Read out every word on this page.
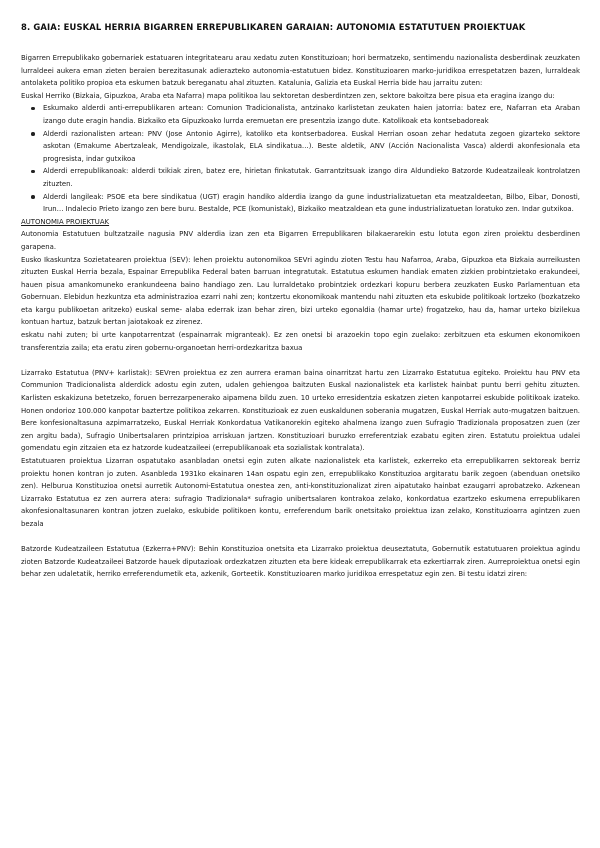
8. GAIA: EUSKAL HERRIA BIGARREN ERREPUBLIKAREN GARAIAN: AUTONOMIA ESTATUTUEN PROIEKTUAK

Bigarren Errepublikako gobernariek estatuaren integritatearu arau xedatu zuten Konstituzioan; hori bermatzeko, sentimendu nazionalista desberdinak zeuzkaten lurraldeei aukera eman zieten beraien berezitasunak adierazteko autonomia-estatutuen bidez. Konstituzioaren marko-juridikoa errespetatzen bazen, lurraldeak antolaketa politiko propioa eta eskumen batzuk bereganatu ahal zituzten. Katalunia, Galizia eta Euskal Herria bide hau jarraitu zuten:

Euskal Herriko (Bizkaia, Gipuzkoa, Araba eta Nafarra) mapa politikoa lau sektoretan desberdintzen zen, sektore bakoitza bere pisua eta eragina izango du:

Eskumako alderdi anti-errepublikaren artean: Comunion Tradicionalista, antzinako karlistetan zeukaten haien jatorria: batez ere, Nafarran eta Araban izango dute eragin handia. Bizkaiko eta Gipuzkoako lurrda eremuetan ere presentzia izango dute. Katolikoak eta kontsebadoreak
Alderdi razionalisten artean: PNV (Jose Antonio Agirre), katoliko eta kontserbadorea. Euskal Herrian osoan zehar hedatuta zegoen gizarteko sektore askotan (Emakume Abertzaleak, Mendigoizale, ikastolak, ELA sindikatua…). Beste aldetik, ANV (Acción Nacionalista Vasca) alderdi akonfesionala eta progresista, indar gutxikoa
Alderdi errepublikanoak: alderdi txikiak ziren, batez ere, hirietan finkatutak. Garrantzitsuak izango dira Aldundieko Batzorde Kudeatzaileak kontrolatzen zituzten.
Alderdi langileak: PSOE eta bere sindikatua (UGT) eragin handiko alderdia izango da gune industrializatuetan eta meatzaldeetan, Bilbo, Eibar, Donosti, Irun… Indalecio Prieto izango zen bere buru. Bestalde, PCE (komunistak), Bizkaiko meatzaldean eta gune industrializatuetan loratuko zen. Indar gutxikoa.
AUTONOMIA PROIEKTUAK

Autonomia Estatutuen bultzatzaile nagusia PNV alderdia izan zen eta Bigarren Errepublikaren bilakaerarekin estu lotuta egon ziren proiektu desberdinen garapena.

Eusko Ikaskuntza Sozietatearen proiektua (SEV): lehen proiektu autonomikoa SEVri agindu zioten Testu hau Nafarroa, Araba, Gipuzkoa eta Bizkaia aurreikusten zituzten Euskal Herria bezala, Espainar Errepublika Federal baten barruan integratutak. Estatutua eskumen handiak ematen zizkien probintzietako erakundeei, hauen pisua amankomuneko erankundeena baino handiago zen. Lau lurraldetako probintziek ordezkari kopuru berbera zeuzkaten Eusko Parlamentuan eta Gobernuan. Elebidun hezkuntza eta administrazioa ezarri nahi zen; kontzertu ekonomikoak mantendu nahi zituzten eta eskubide politikoak lortzeko (bozkatzeko eta kargu publikoetan aritzeko) euskal seme- alaba ederrak izan behar ziren, bizi urteko egonaldia (hamar urte) frogatzeko, hau da, hamar urteko bizilekua kontuan hartuz, batzuk bertan jaiotakoak ez zirenez.

eskatu nahi zuten; bi urte kanpotarrentzat (espainarrak migranteak). Ez zen onetsi bi arazoekin topo egin zuelako: zerbitzuen eta eskumen ekonomikoen transferentzia zaila; eta eratu ziren gobernu-organoetan herri-ordezkaritza baxua

Lizarrako Estatutua (PNV+ karlistak): SEVren proiektua ez zen aurrera eraman baina oinarritzat hartu zen Lizarrako Estatutua egiteko. Proiektu hau PNV eta Communion Tradicionalista alderdick adostu egin zuten, udalen gehiengoa baitzuten Euskal nazionalistek eta karlistek hainbat puntu berri gehitu zituzten. Karlisten eskakizuna betetzeko, foruen berrezarpenerako aipamena bildu zuen. 10 urteko erresidentzia eskatzen zieten kanpotarrei eskubide politikoak izateko. Honen ondorioz 100.000 kanpotar baztertze politikoa zekarren. Konstituzioak ez zuen euskaldunen soberania mugatzen, Euskal Herriak auto-mugatzen baitzuen. Bere konfesionaltasuna azpimarratzeko, Euskal Herriak Konkordatua Vatikanorekin egiteko ahalmena izango zuen Sufragio Tradizionala proposatzen zuen (zer zen argitu bada), Sufragio Unibertsalaren printzipioa arriskuan jartzen. Konstituzioari buruzko erreferentziak ezabatu egiten ziren. Estatutu proiektua udalei gomendatu egin zitzaien eta ez hatzorde kudeatzaileei (errepublikanoak eta sozialistak kontralata).

Estatutuaren proiektua Lizarran ospatutako asanbladan onetsi egin zuten alkate nazionalistek eta karlistek, ezkerreko eta errepublikarren sektoreak berriz proiektu honen kontran jo zuten. Asanbleda 1931ko ekainaren 14an ospatu egin zen, errepublikako Konstituzioa argitaratu barik zegoen (abenduan onetsiko zen). Helburua Konstituzioa onetsi aurretik Autonomi-Estatutua onestea zen, anti-konstituzionalizat ziren aipatutako hainbat ezaugarri aprobatzeko. Azkenean Lizarrako Estatutua ez zen aurrera atera: sufragio Tradizionala* sufragio unibertsalaren kontrakoa zelako, konkordatua ezartzeko eskumena errepublikaren akonfesionaltasunaren kontran jotzen zuelako, eskubide politikoen kontu, erreferendum barik onetsitako proiektua izan zelako, Konstituzioarra agintzen zuen bezala

Batzorde Kudeatzaileen Estatutua (Ezkerra+PNV): Behin Konstituzioa onetsita eta Lizarrako proiektua deuseztatuta, Gobernutik estatutuaren proiektua agindu zioten Batzorde Kudeatzaileei Batzorde hauek diputazioak ordezkatzen zituzten eta bere kideak errepublikarrak eta ezkertiarrak ziren. Aurreproiektua onetsi egin behar zen udaletatik, herriko erreferendumetik eta, azkenik, Gorteetik. Konstituzioaren marko juridikoa errespetatuz egin zen. Bi testu idatzi ziren:
